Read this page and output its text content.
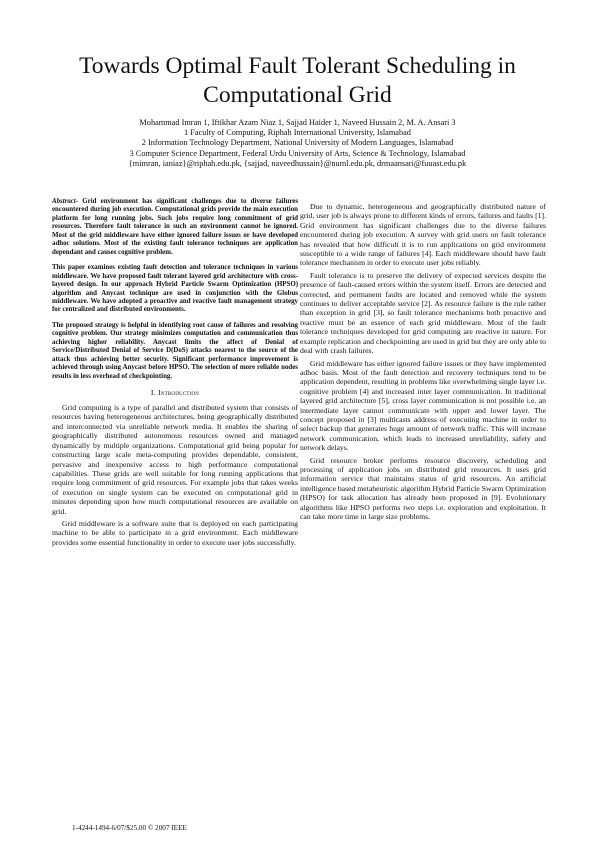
Towards Optimal Fault Tolerant Scheduling in Computational Grid
Mohammad Imran 1, Iftikhar Azam Niaz 1, Sajjad Haider 1, Naveed Hussain 2, M. A. Ansari 3
1 Faculty of Computing, Riphah International University, Islamabad
2 Information Technology Department, National University of Modern Languages, Islamabad
3 Computer Science Department, Federal Urdu University of Arts, Science & Technology, Islamabad
{mimran, ianiaz}@riphah.edu.pk, {sajjad, naveedhussain}@numl.edu.pk, drmaansari@fuuast.edu.pk

Abstract- Grid environment has significant challenges due to diverse failures encountered during job execution. Computational grids provide the main execution platform for long running jobs. Such jobs require long commitment of grid resources. Therefore fault tolerance in such an environment cannot be ignored. Most of the grid middleware have either ignored failure issues or have developed adhoc solutions. Most of the existing fault tolerance techniques are application dependant and causes cognitive problem.

This paper examines existing fault detection and tolerance techniques in various middleware. We have proposed fault tolerant layered grid architecture with cross-layered design. In our approach Hybrid Particle Swarm Optimization (HPSO) algorithm and Anycast technique are used in conjunction with the Globus middleware. We have adopted a proactive and reactive fault management strategy for centralized and distributed environments.

The proposed strategy is helpful in identifying root cause of failures and resolving cognitive problem. Our strategy minimizes computation and communication thus achieving higher reliability. Anycast limits the affect of Denial of Service/Distributed Denial of Service D(DoS) attacks nearest to the source of the attack thus achieving better security. Significant performance improvement is achieved through using Anycast before HPSO. The selection of more reliable nodes results in less overhead of checkpointing.

I. Introduction

Grid computing is a type of parallel and distributed system that consists of resources having heterogeneous architectures, being geographically distributed and interconnected via unreliable network media. It enables the sharing of geographically distributed autonomous resources owned and managed dynamically by multiple organizations. Computational grid being popular for constructing large scale meta-computing provides dependable, consistent, pervasive and inexpensive access to high performance computational capabilities. These grids are well suitable for long running applications that require long commitment of grid resources. For example jobs that takes weeks of execution on single system can be executed on computational grid in minutes depending upon how much computational resources are available on grid.

Grid middleware is a software suite that is deployed on each participating machine to be able to participate in a grid environment. Each middleware provides some essential functionality in order to execute user jobs successfully.

Due to dynamic, heterogeneous and geographically distributed nature of grid, user job is always prone to different kinds of errors, failures and faults [1]. Grid environment has significant challenges due to the diverse failures encountered during job execution. A survey with grid users on fault tolerance has revealed that how difficult it is to run applications on grid environment susceptible to a wide range of failures [4]. Each middleware should have fault tolerance mechanism in order to execute user jobs reliably.

Fault tolerance is to preserve the delivery of expected services despite the presence of fault-caused errors within the system itself. Errors are detected and corrected, and permanent faults are located and removed while the system continues to deliver acceptable service [2]. As resource failure is the rule rather than exception in grid [3], so fault tolerance mechanisms both proactive and reactive must be an essence of each grid middleware. Most of the fault tolerance techniques developed for grid computing are reactive in nature. For example replication and checkpointing are used in grid but they are only able to deal with crash failures.

Grid middleware has either ignored failure issues or they have implemented adhoc basis. Most of the fault detection and recovery techniques tend to be application dependent, resulting in problems like overwhelming single layer i.e. cognitive problem [4] and increased inter layer communication. In traditional layered grid architecture [5], cross layer communication is not possible i.e. an intermediate layer cannot communicate with upper and lower layer. The concept proposed in [3] multicasts address of executing machine in order to select backup that generates huge amount of network traffic. This will increase network communication, which leads to increased unreliability, safety and network delays.

Grid resource broker performs resource discovery, scheduling and processing of application jobs on distributed grid resources. It uses grid information service that maintains status of grid resources. An artificial intelligence based metaheuristic algorithm Hybrid Particle Swarm Optimization (HPSO) for task allocation has already been proposed in [9]. Evolutionary algorithms like HPSO performs two steps i.e. exploration and exploitation. It can take more time in large size problems.

1-4244-1494-6/07/$25.00 © 2007 IEEE
